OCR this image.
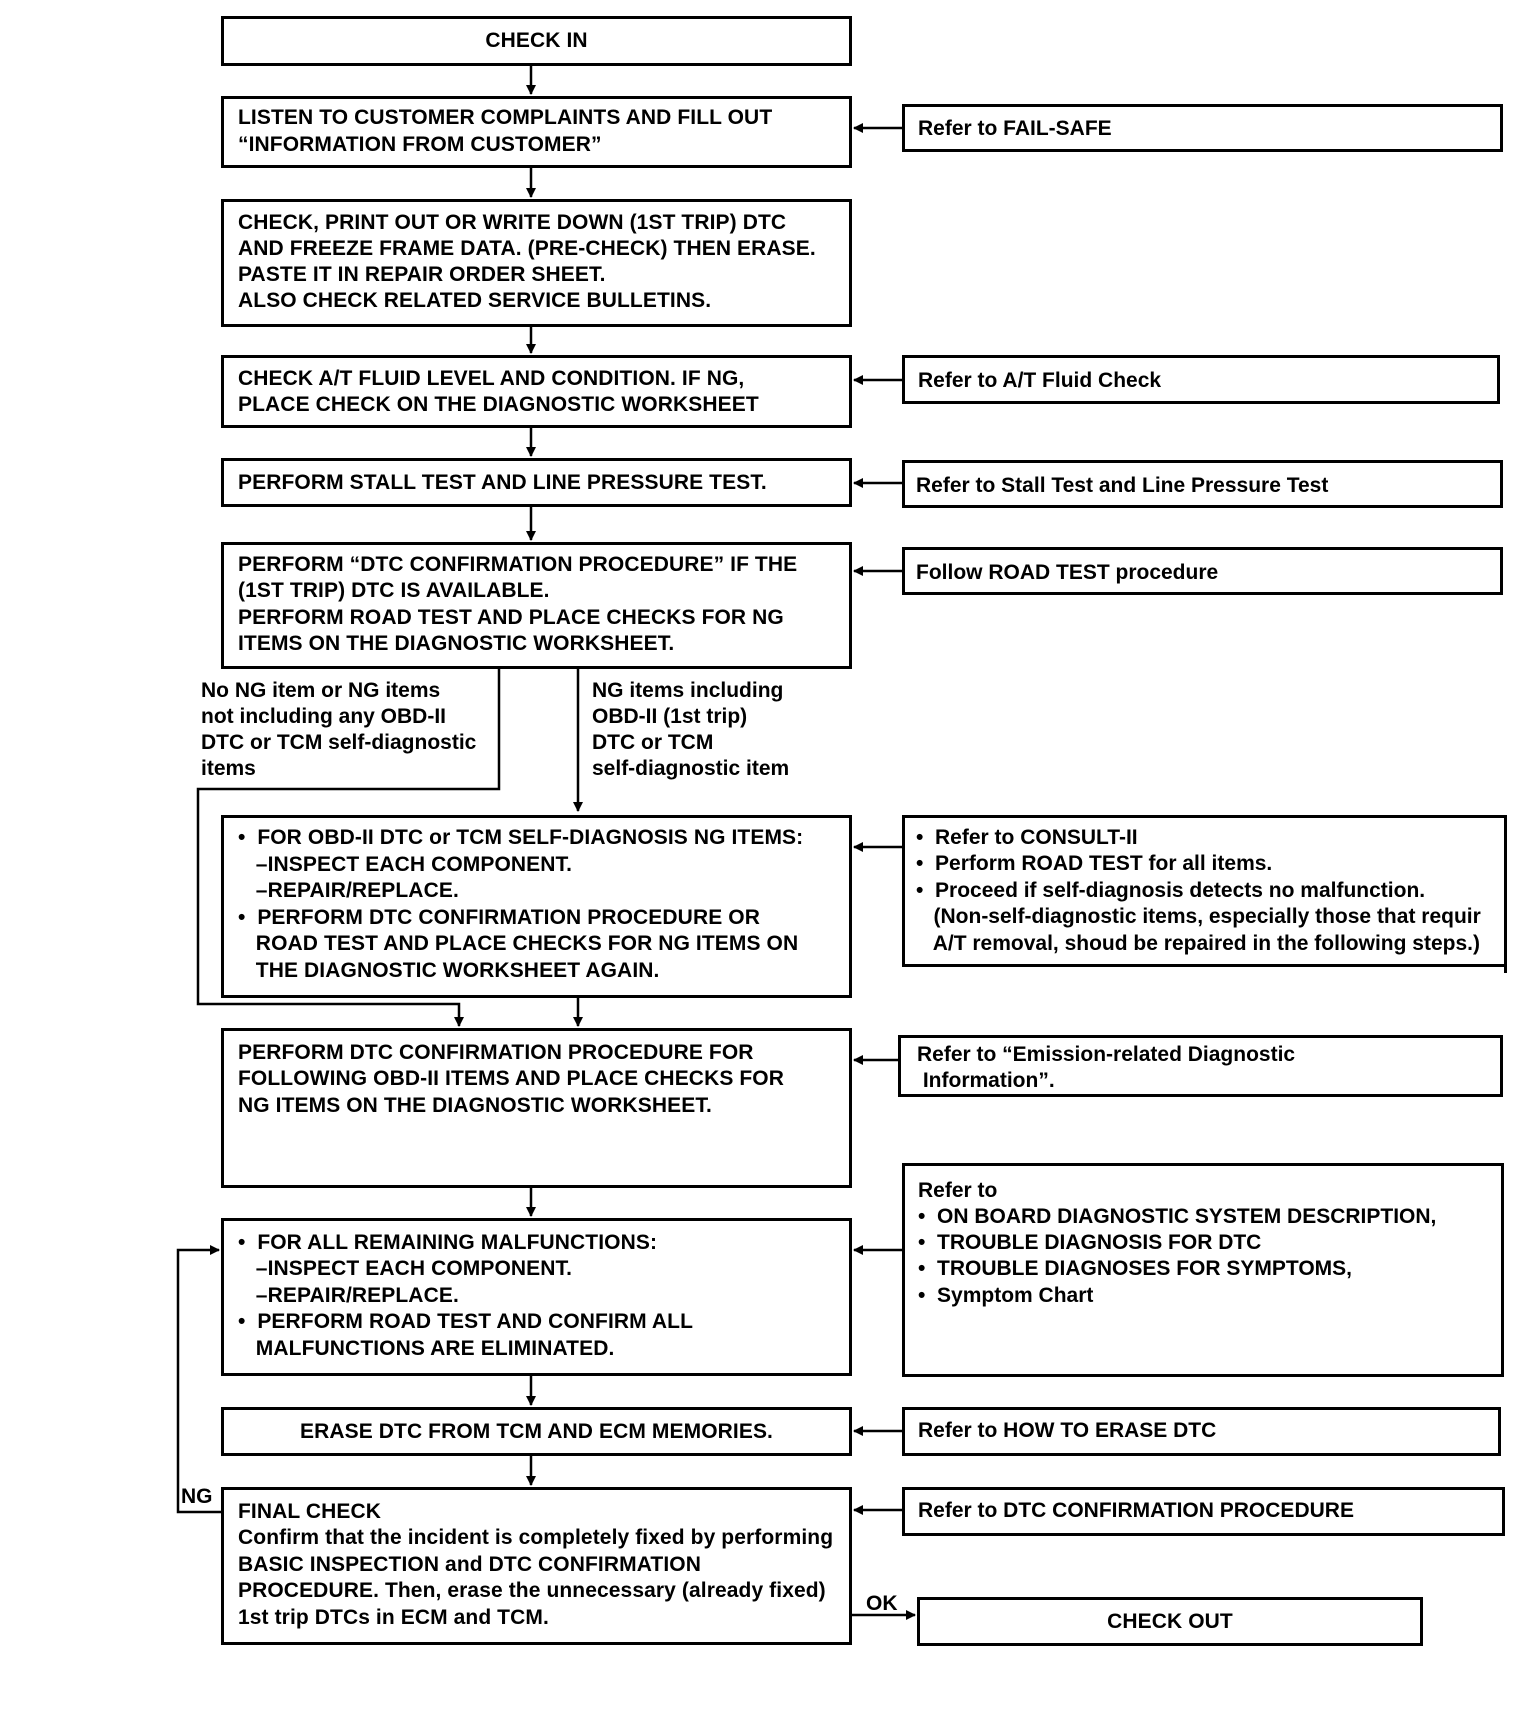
CHECK IN
LISTEN TO CUSTOMER COMPLAINTS AND FILL OUT
“INFORMATION FROM CUSTOMER”
CHECK, PRINT OUT OR WRITE DOWN (1ST TRIP) DTC
AND FREEZE FRAME DATA. (PRE-CHECK) THEN ERASE.
PASTE IT IN REPAIR ORDER SHEET.
ALSO CHECK RELATED SERVICE BULLETINS.
CHECK A/T FLUID LEVEL AND CONDITION. IF NG,
PLACE CHECK ON THE DIAGNOSTIC WORKSHEET
PERFORM STALL TEST AND LINE PRESSURE TEST.
PERFORM “DTC CONFIRMATION PROCEDURE” IF THE
(1ST TRIP) DTC IS AVAILABLE.
PERFORM ROAD TEST AND PLACE CHECKS FOR NG
ITEMS ON THE DIAGNOSTIC WORKSHEET.
No NG item or NG items
not including any OBD-II
DTC or TCM self-diagnostic
items
NG items including
OBD-II (1st trip)
DTC or TCM
self-diagnostic item
•  FOR OBD-II DTC or TCM SELF-DIAGNOSIS NG ITEMS:
–INSPECT EACH COMPONENT.
–REPAIR/REPLACE.
•  PERFORM DTC CONFIRMATION PROCEDURE OR
ROAD TEST AND PLACE CHECKS FOR NG ITEMS ON
THE DIAGNOSTIC WORKSHEET AGAIN.
PERFORM DTC CONFIRMATION PROCEDURE FOR
FOLLOWING OBD-II ITEMS AND PLACE CHECKS FOR
NG ITEMS ON THE DIAGNOSTIC WORKSHEET.
•  FOR ALL REMAINING MALFUNCTIONS:
–INSPECT EACH COMPONENT.
–REPAIR/REPLACE.
•  PERFORM ROAD TEST AND CONFIRM ALL
MALFUNCTIONS ARE ELIMINATED.
ERASE DTC FROM TCM AND ECM MEMORIES.
NG
FINAL CHECK
Confirm that the incident is completely fixed by performing
BASIC INSPECTION and DTC CONFIRMATION
PROCEDURE. Then, erase the unnecessary (already fixed)
1st trip DTCs in ECM and TCM.
OK
CHECK OUT
Refer to FAIL-SAFE
Refer to A/T Fluid Check
Refer to Stall Test and Line Pressure Test
Follow ROAD TEST procedure
•  Refer to CONSULT-II
•  Perform ROAD TEST for all items.
•  Proceed if self-diagnosis detects no malfunction.
(Non-self-diagnostic items, especially those that requir
A/T removal, shoud be repaired in the following steps.)
Refer to “Emission-related Diagnostic
Information”.
Refer to
•  ON BOARD DIAGNOSTIC SYSTEM DESCRIPTION,
•  TROUBLE DIAGNOSIS FOR DTC
•  TROUBLE DIAGNOSES FOR SYMPTOMS,
•  Symptom Chart
Refer to HOW TO ERASE DTC
Refer to DTC CONFIRMATION PROCEDURE
